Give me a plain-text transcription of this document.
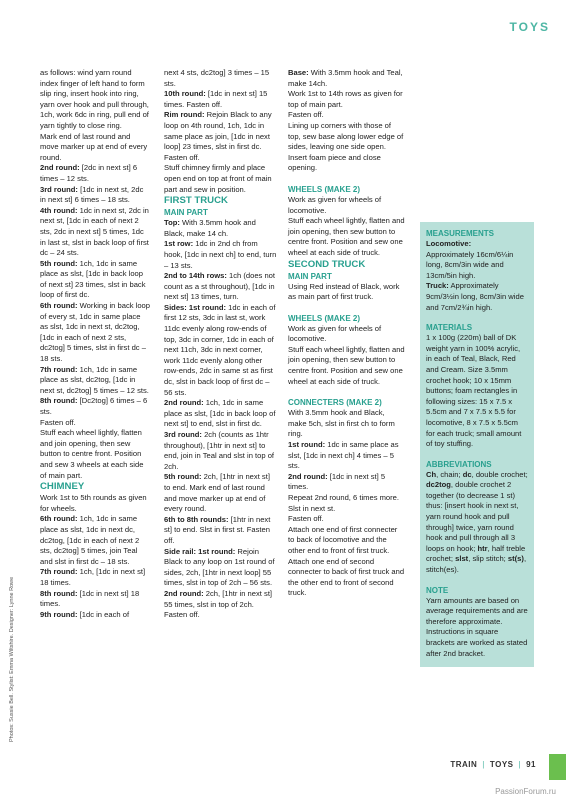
TOYS

as follows: wind yarn round index finger of left hand to form slip ring, insert hook into ring, yarn over hook and pull through, 1ch, work 6dc in ring, pull end of yarn tightly to close ring.

Mark end of last round and move marker up at end of every round.

2nd round: [2dc in next st] 6 times – 12 sts.

3rd round: [1dc in next st, 2dc in next st] 6 times – 18 sts.

4th round: 1dc in next st, 2dc in next st, [1dc in each of next 2 sts, 2dc in next st] 5 times, 1dc in last st, slst in back loop of first dc – 24 sts.

5th round: 1ch, 1dc in same place as slst, [1dc in back loop of next st] 23 times, slst in back loop of first dc.

6th round: Working in back loop of every st, 1dc in same place as slst, 1dc in next st, dc2tog, [1dc in each of next 2 sts, dc2tog] 5 times, slst in first dc – 18 sts.

7th round: 1ch, 1dc in same place as slst, dc2tog, [1dc in next st, dc2tog] 5 times – 12 sts.

8th round: [Dc2tog] 6 times – 6 sts.

Fasten off.

Stuff each wheel lightly, flatten and join opening, then sew button to centre front. Position and sew 3 wheels at each side of main part.

CHIMNEY

Work 1st to 5th rounds as given for wheels.

6th round: 1ch, 1dc in same place as slst, 1dc in next dc, dc2tog, [1dc in each of next 2 sts, dc2tog] 5 times, join Teal and slst in first dc – 18 sts.

7th round: 1ch, [1dc in next st] 18 times.

8th round: [1dc in next st] 18 times.

9th round: [1dc in each of

next 4 sts, dc2tog] 3 times – 15 sts.

10th round: [1dc in next st] 15 times. Fasten off.

Rim round: Rejoin Black to any loop on 4th round, 1ch, 1dc in same place as join, [1dc in next loop] 23 times, slst in first dc. Fasten off.

Stuff chimney firmly and place open end on top at front of main part and sew in position.

FIRST TRUCK

MAIN PART

Top: With 3.5mm hook and Black, make 14 ch.

1st row: 1dc in 2nd ch from hook, [1dc in next ch] to end, turn – 13 sts.

2nd to 14th rows: 1ch (does not count as a st throughout), [1dc in next st] 13 times, turn.

Sides: 1st round: 1dc in each of first 12 sts, 3dc in last st, work 11dc evenly along row-ends of top, 3dc in corner, 1dc in each of next 11ch, 3dc in next corner, work 11dc evenly along other row-ends, 2dc in same st as first dc, slst in back loop of first dc – 56 sts.

2nd round: 1ch, 1dc in same place as slst, [1dc in back loop of next st] to end, slst in first dc.

3rd round: 2ch (counts as 1htr throughout), [1htr in next st] to end, join in Teal and slst in top of 2ch.

5th round: 2ch, [1htr in next st] to end. Mark end of last round and move marker up at end of every round.

6th to 8th rounds: [1htr in next st] to end. Slst in first st. Fasten off.

Side rail: 1st round: Rejoin Black to any loop on 1st round of sides, 2ch, [1htr in next loop] 55 times, slst in top of 2ch – 56 sts.

2nd round: 2ch, [1htr in next st] 55 times, slst in top of 2ch. Fasten off.

Base: With 3.5mm hook and Teal, make 14ch.

Work 1st to 14th rows as given for top of main part.

Fasten off.

Lining up corners with those of top, sew base along lower edge of sides, leaving one side open. Insert foam piece and close opening.

WHEELS (MAKE 2)

Work as given for wheels of locomotive.

Stuff each wheel lightly, flatten and join opening, then sew button to centre front. Position and sew one wheel at each side of truck.

SECOND TRUCK

MAIN PART

Using Red instead of Black, work as main part of first truck.

WHEELS (MAKE 2)

Work as given for wheels of locomotive.

Stuff each wheel lightly, flatten and join opening, then sew button to centre front. Position and sew one wheel at each side of truck.

CONNECTERS (MAKE 2)

With 3.5mm hook and Black, make 5ch, slst in first ch to form ring.

1st round: 1dc in same place as slst, [1dc in next ch] 4 times – 5 sts.

2nd round: [1dc in next st] 5 times.

Repeat 2nd round, 6 times more.

Slst in next st.

Fasten off.

Attach one end of first connecter to back of locomotive and the other end to front of first truck. Attach one end of second connecter to back of first truck and the other end to front of second truck.

MEASUREMENTS

Locomotive:

Approximately 16cm/6¼in long, 8cm/3in wide and 13cm/5in high.

Truck: Approximately 9cm/3½in long, 8cm/3in wide and 7cm/2¾in high.

MATERIALS

1 x 100g (220m) ball of DK weight yarn in 100% acrylic, in each of Teal, Black, Red and Cream. Size 3.5mm crochet hook; 10 x 15mm buttons; foam rectangles in following sizes: 15 x 7.5 x 5.5cm and 7 x 7.5 x 5.5 for locomotive, 8 x 7.5 x 5.5cm for each truck; small amount of toy stuffing.

ABBREVIATIONS

Ch, chain; dc, double crochet; dc2tog, double crochet 2 together (to decrease 1 st) thus: [insert hook in next st, yarn round hook and pull through] twice, yarn round hook and pull through all 3 loops on hook; htr, half treble crochet; slst, slip stitch; st(s), stitch(es).

NOTE

Yarn amounts are based on average requirements and are therefore approximate. Instructions in square brackets are worked as stated after 2nd bracket.

Photos: Sussie Bell. Stylist: Emma Wiltshire. Designer: Lynne Rowe
TRAIN | TOYS | 91
PassionForum.ru
